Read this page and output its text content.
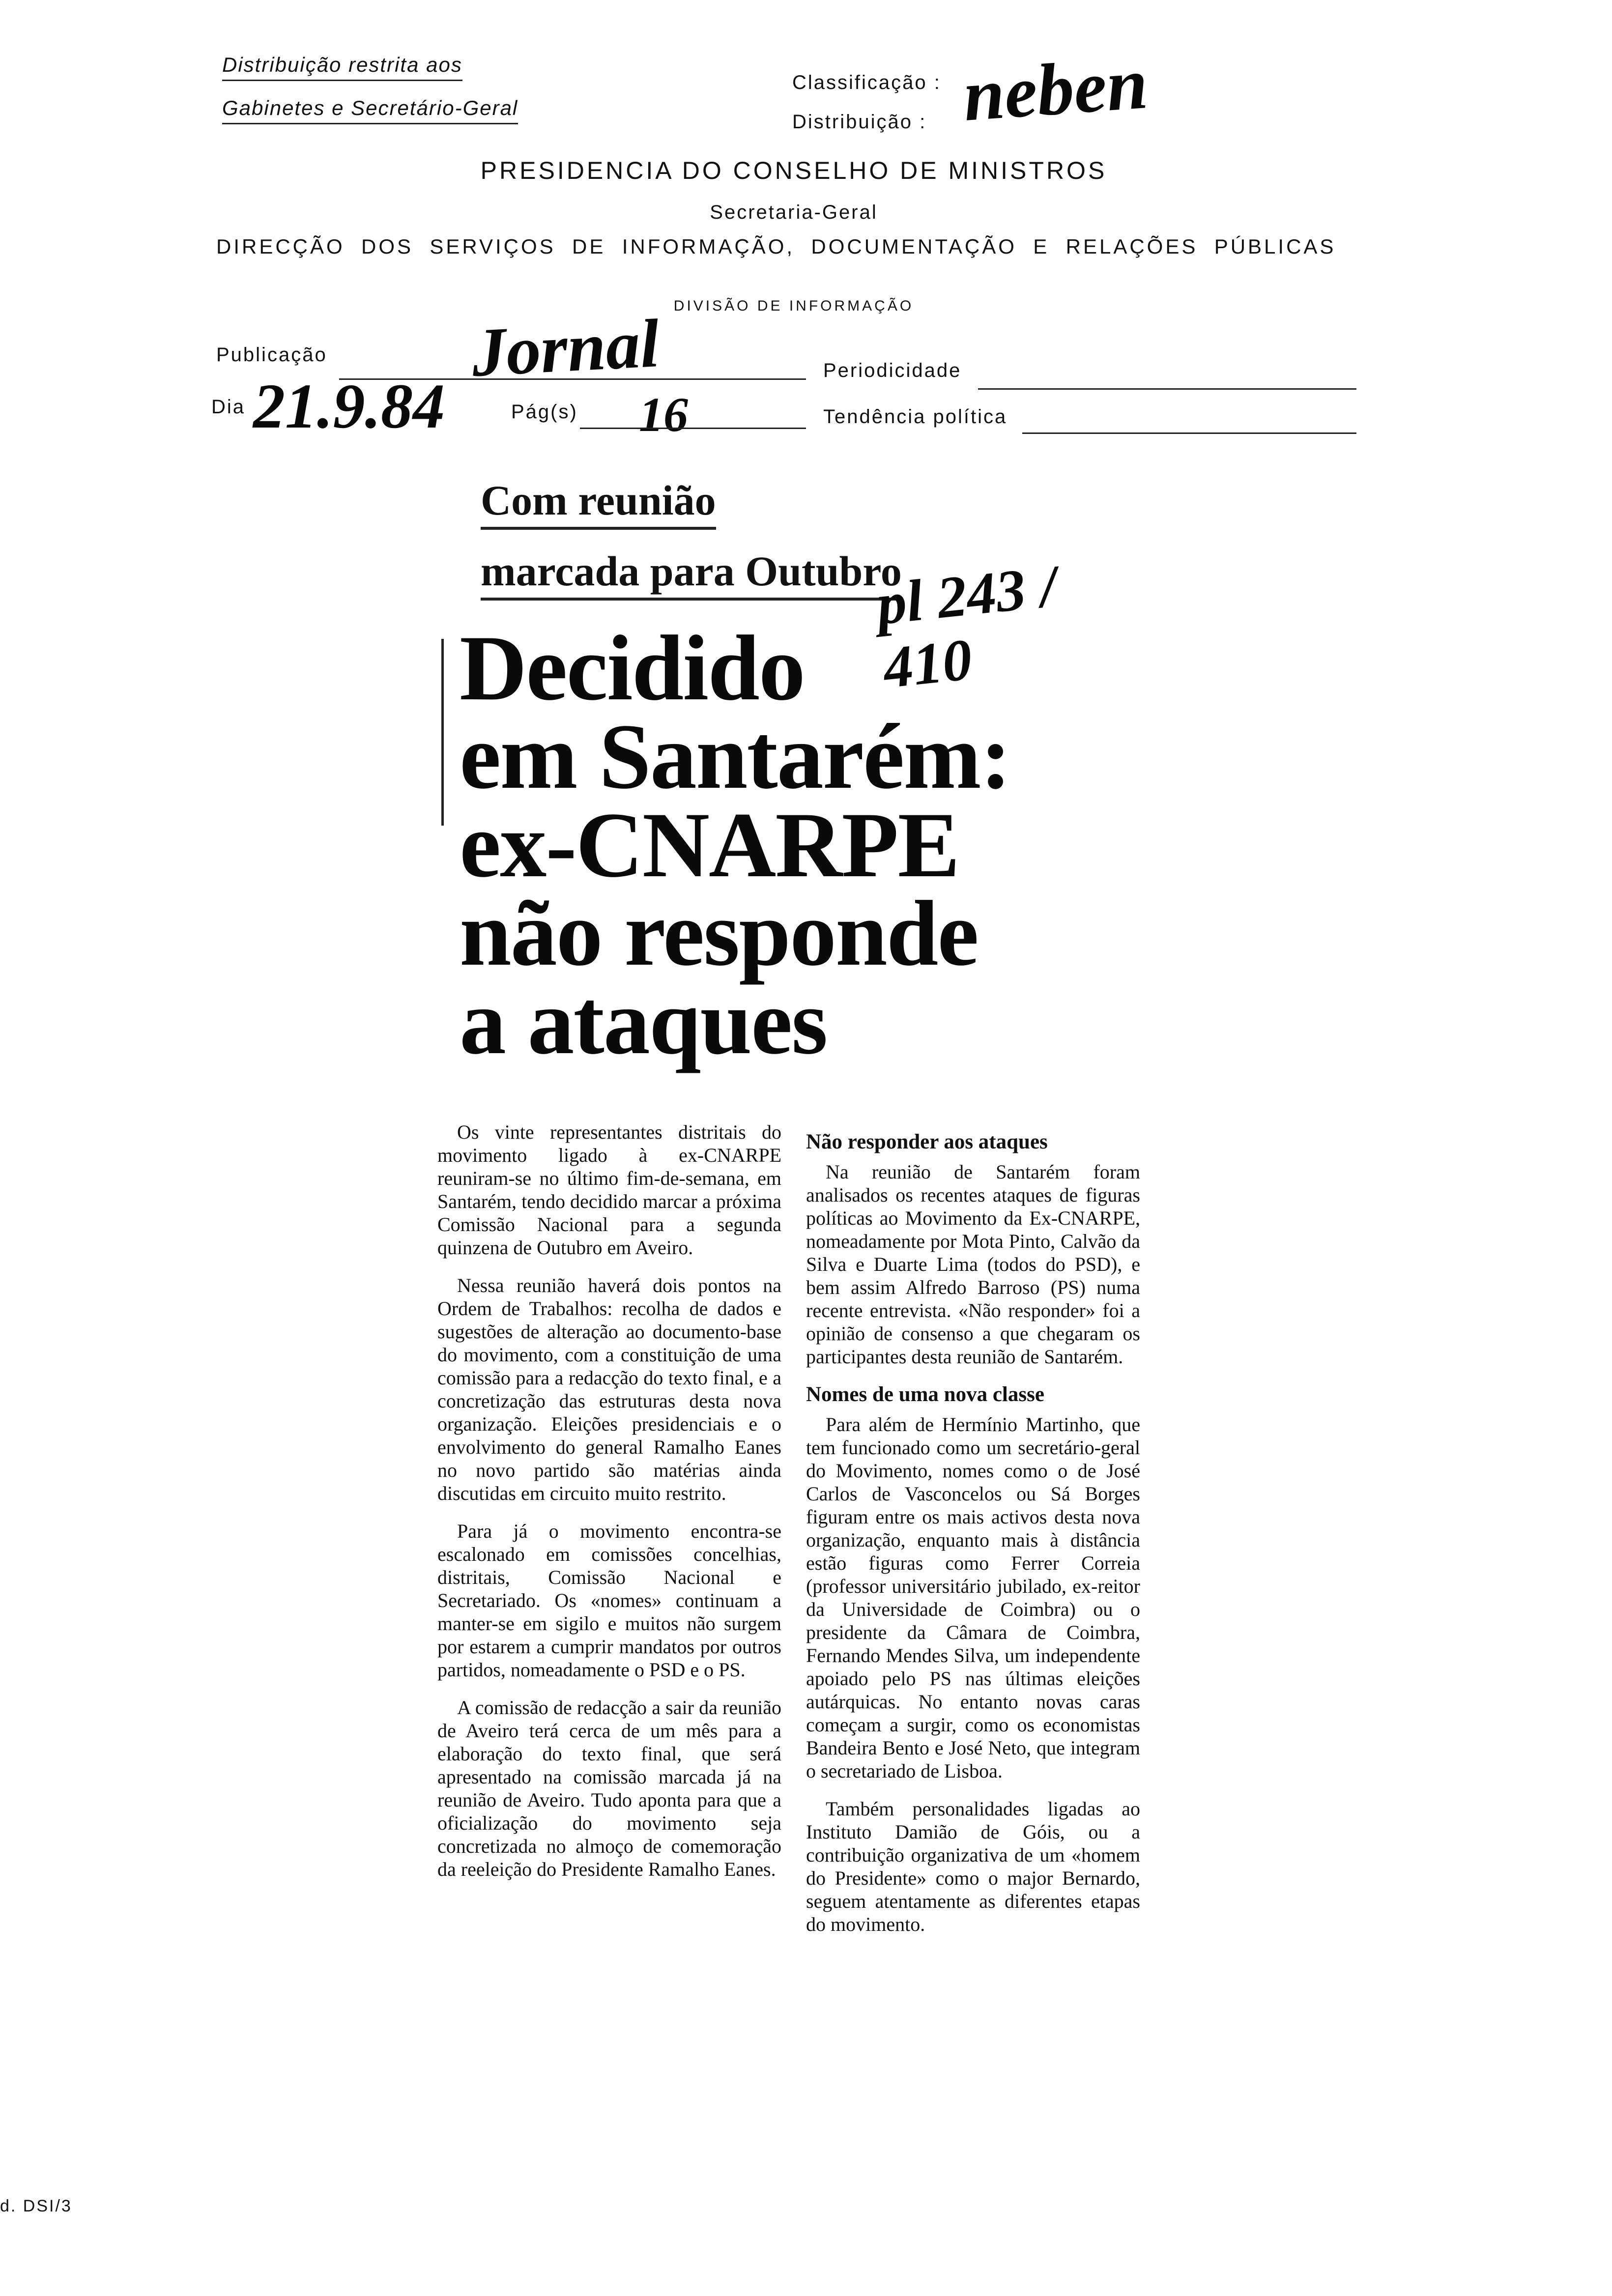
Distribuição restrita aos
Gabinetes e Secretário-Geral
Classificação :
Distribuição : neben
PRESIDENCIA DO CONSELHO DE MINISTROS
Secretaria-Geral
DIRECÇÃO  DOS  SERVIÇOS  DE  INFORMAÇÃO,  DOCUMENTAÇÃO  E  RELAÇÕES  PÚBLICAS
DIVISÃO DE INFORMAÇÃO
Publicação Jornal	Periodicidade
Dia 21.9.84	Pág(s) 16	Tendência política
Com reunião
marcada para Outubro
pl 243 / 410
Decidido
em Santarém:
ex-CNARPE
não responde
a ataques

Os vinte representantes distritais do movimento ligado à ex-CNARPE reuniram-se no último fim-de-semana, em Santarém, tendo decidido marcar a próxima Comissão Nacional para a segunda quinzena de Outubro em Aveiro.

Nessa reunião haverá dois pontos na Ordem de Trabalhos: recolha de dados e sugestões de alteração ao documento-base do movimento, com a constituição de uma comissão para a redacção do texto final, e a concretização das estruturas desta nova organização. Eleições presidenciais e o envolvimento do general Ramalho Eanes no novo partido são matérias ainda discutidas em circuito muito restrito.

Para já o movimento encontra-se escalonado em comissões concelhias, distritais, Comissão Nacional e Secretariado. Os «nomes» continuam a manter-se em sigilo e muitos não surgem por estarem a cumprir mandatos por outros partidos, nomeadamente o PSD e o PS.

A comissão de redacção a sair da reunião de Aveiro terá cerca de um mês para a elaboração do texto final, que será apresentado na comissão marcada já na reunião de Aveiro. Tudo aponta para que a oficialização do movimento seja concretizada no almoço de comemoração da reeleição do Presidente Ramalho Eanes.

Não responder aos ataques

Na reunião de Santarém foram analisados os recentes ataques de figuras políticas ao Movimento da Ex-CNARPE, nomeadamente por Mota Pinto, Calvão da Silva e Duarte Lima (todos do PSD), e bem assim Alfredo Barroso (PS) numa recente entrevista. «Não responder» foi a opinião de consenso a que chegaram os participantes desta reunião de Santarém.

Nomes de uma nova classe

Para além de Hermínio Martinho, que tem funcionado como um secretário-geral do Movimento, nomes como o de José Carlos de Vasconcelos ou Sá Borges figuram entre os mais activos desta nova organização, enquanto mais à distância estão figuras como Ferrer Correia (professor universitário jubilado, ex-reitor da Universidade de Coimbra) ou o presidente da Câmara de Coimbra, Fernando Mendes Silva, um independente apoiado pelo PS nas últimas eleições autárquicas. No entanto novas caras começam a surgir, como os economistas Bandeira Bento e José Neto, que integram o secretariado de Lisboa.

Também personalidades ligadas ao Instituto Damião de Góis, ou a contribuição organizativa de um «homem do Presidente» como o major Bernardo, seguem atentamente as diferentes etapas do movimento.

d. DSI/3
